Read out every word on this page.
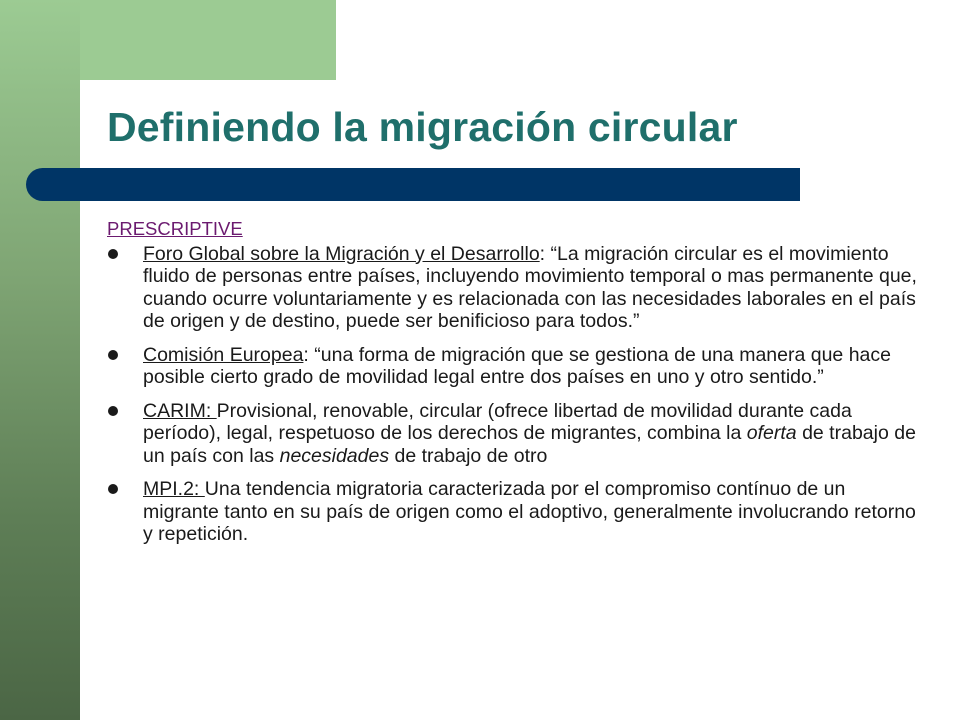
Definiendo la migración circular
PRESCRIPTIVE
Foro Global sobre la Migración y el Desarrollo: “La migración circular es el movimiento fluido de personas entre países, incluyendo movimiento temporal o mas permanente que, cuando ocurre voluntariamente y es relacionada con las necesidades laborales en el país de origen y de destino, puede ser benificioso para todos.”
Comisión Europea: “una forma de migración que se gestiona de una manera que hace posible cierto grado de movilidad legal entre dos países en uno y otro sentido.”
CARIM: Provisional, renovable, circular (ofrece libertad de movilidad durante cada período), legal, respetuoso de los derechos de migrantes, combina la oferta de trabajo de un país con las necesidades de trabajo de otro
MPI.2: Una tendencia migratoria caracterizada por el compromiso contínuo de un migrante tanto en su país de origen como el adoptivo, generalmente involucrando retorno y repetición.
